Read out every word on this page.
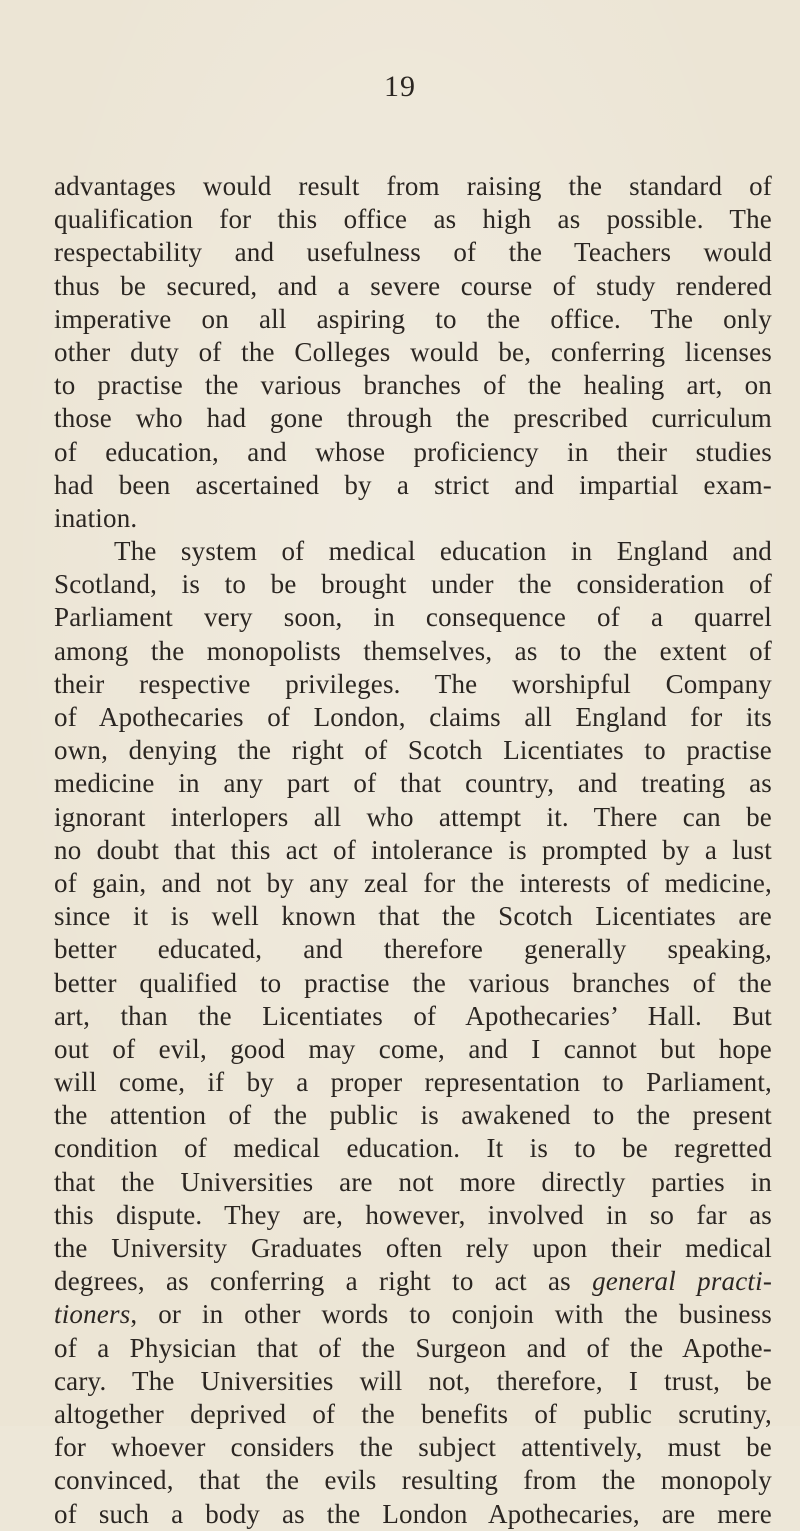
19
advantages would result from raising the standard of
qualification for this office as high as possible. The
respectability and usefulness of the Teachers would
thus be secured, and a severe course of study rendered
imperative on all aspiring to the office. The only
other duty of the Colleges would be, conferring licenses
to practise the various branches of the healing art, on
those who had gone through the prescribed curriculum
of education, and whose proficiency in their studies
had been ascertained by a strict and impartial exam-
ination.
The system of medical education in England and
Scotland, is to be brought under the consideration of
Parliament very soon, in consequence of a quarrel
among the monopolists themselves, as to the extent of
their respective privileges. The worshipful Company
of Apothecaries of London, claims all England for its
own, denying the right of Scotch Licentiates to practise
medicine in any part of that country, and treating as
ignorant interlopers all who attempt it. There can be
no doubt that this act of intolerance is prompted by a lust
of gain, and not by any zeal for the interests of medicine,
since it is well known that the Scotch Licentiates are
better educated, and therefore generally speaking,
better qualified to practise the various branches of the
art, than the Licentiates of Apothecaries’ Hall. But
out of evil, good may come, and I cannot but hope
will come, if by a proper representation to Parliament,
the attention of the public is awakened to the present
condition of medical education. It is to be regretted
that the Universities are not more directly parties in
this dispute. They are, however, involved in so far as
the University Graduates often rely upon their medical
degrees, as conferring a right to act as general practi-
tioners, or in other words to conjoin with the business
of a Physician that of the Surgeon and of the Apothe-
cary. The Universities will not, therefore, I trust, be
altogether deprived of the benefits of public scrutiny,
for whoever considers the subject attentively, must be
convinced, that the evils resulting from the monopoly
of such a body as the London Apothecaries, are mere
